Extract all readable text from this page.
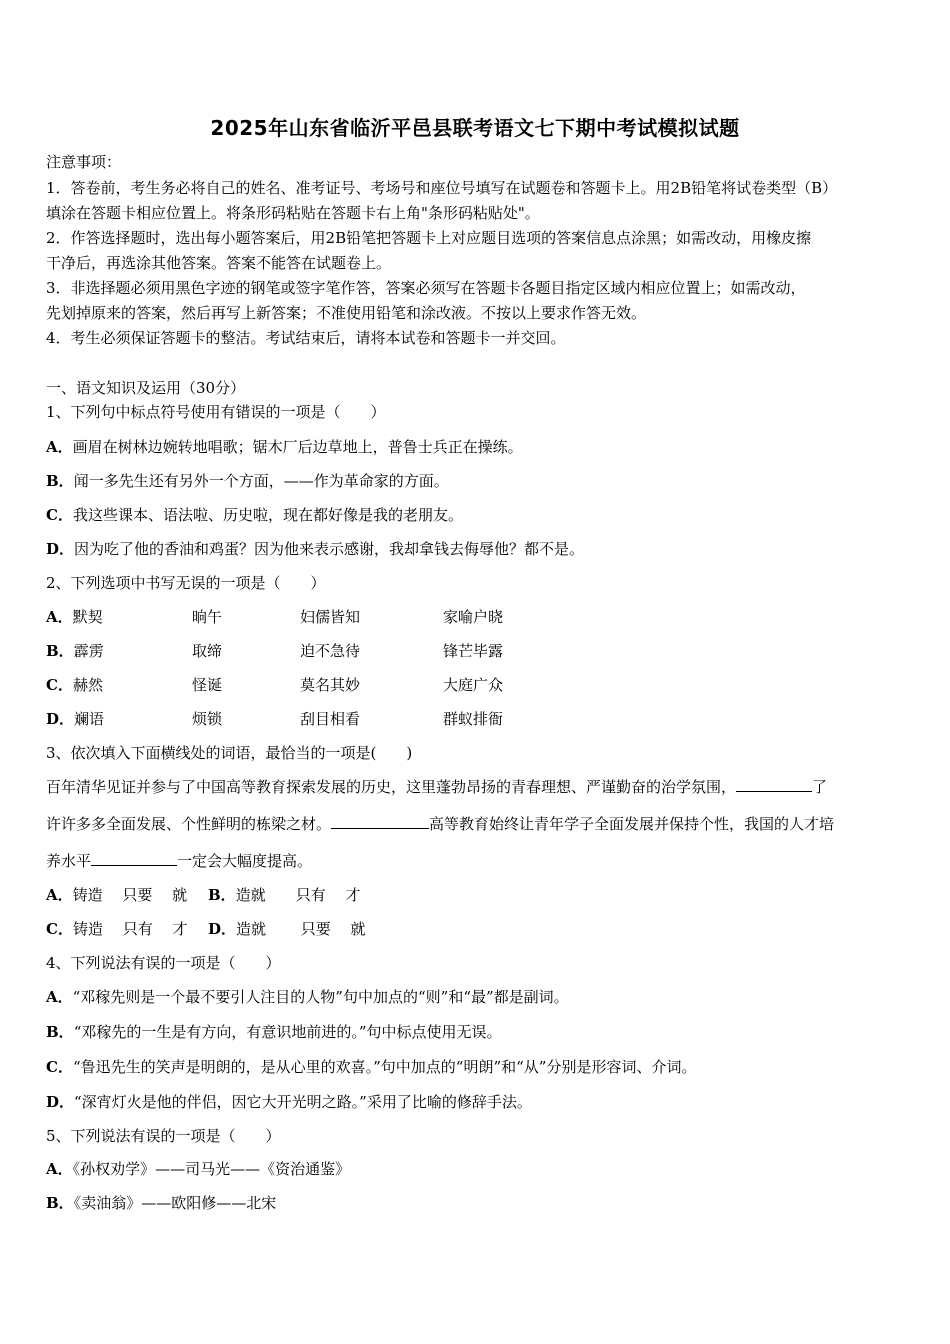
2025年山东省临沂平邑县联考语文七下期中考试模拟试题
注意事项：
1．答卷前，考生务必将自己的姓名、准考证号、考场号和座位号填写在试题卷和答题卡上。用2B铅笔将试卷类型（B）
填涂在答题卡相应位置上。将条形码粘贴在答题卡右上角"条形码粘贴处"。
2．作答选择题时，选出每小题答案后，用2B铅笔把答题卡上对应题目选项的答案信息点涂黑；如需改动，用橡皮擦
干净后，再选涂其他答案。答案不能答在试题卷上。
3．非选择题必须用黑色字迹的钢笔或签字笔作答，答案必须写在答题卡各题目指定区域内相应位置上；如需改动，
先划掉原来的答案，然后再写上新答案；不准使用铅笔和涂改液。不按以上要求作答无效。
4．考生必须保证答题卡的整洁。考试结束后，请将本试卷和答题卡一并交回。
一、语文知识及运用（30分）
1、下列句中标点符号使用有错误的一项是（　　）
A．画眉在树林边婉转地唱歌；锯木厂后边草地上，普鲁士兵正在操练。
B．闻一多先生还有另外一个方面，——作为革命家的方面。
C．我这些课本、语法啦、历史啦，现在都好像是我的老朋友。
D．因为吃了他的香油和鸡蛋？因为他来表示感谢，我却拿钱去侮辱他？都不是。
2、下列选项中书写无误的一项是（　　）
A．默契	晌午	妇儒皆知	家喻户晓
B．霹雳	取缔	迫不急待	锋芒毕露
C．赫然	怪诞	莫名其妙	大庭广众
D．斓语	烦锁	刮目相看	群蚁排衙
3、依次填入下面横线处的词语，最恰当的一项是(　　)
百年清华见证并参与了中国高等教育探索发展的历史，这里蓬勃昂扬的青春理想、严谨勤奋的治学氛围，	了
许许多多全面发展、个性鲜明的栋梁之材。	高等教育始终让青年学子全面发展并保持个性，我国的人才培
养水平	一定会大幅度提高。
A．铸造　 只要　 就 B．造就　　只有　 才
C．铸造　 只有　 才 D．造就　　 只要　 就
4、下列说法有误的一项是（　　）
A．“邓稼先则是一个最不要引人注目的人物”句中加点的“则”和“最”都是副词。
B．“邓稼先的一生是有方向，有意识地前进的。”句中标点使用无误。
C．“鲁迅先生的笑声是明朗的，是从心里的欢喜。”句中加点的“明朗”和“从”分别是形容词、介词。
D．“深宵灯火是他的伴侣，因它大开光明之路。”采用了比喻的修辞手法。
5、下列说法有误的一项是（　　）
A．《孙权劝学》——司马光——《资治通鉴》
B．《卖油翁》——欧阳修——北宋
